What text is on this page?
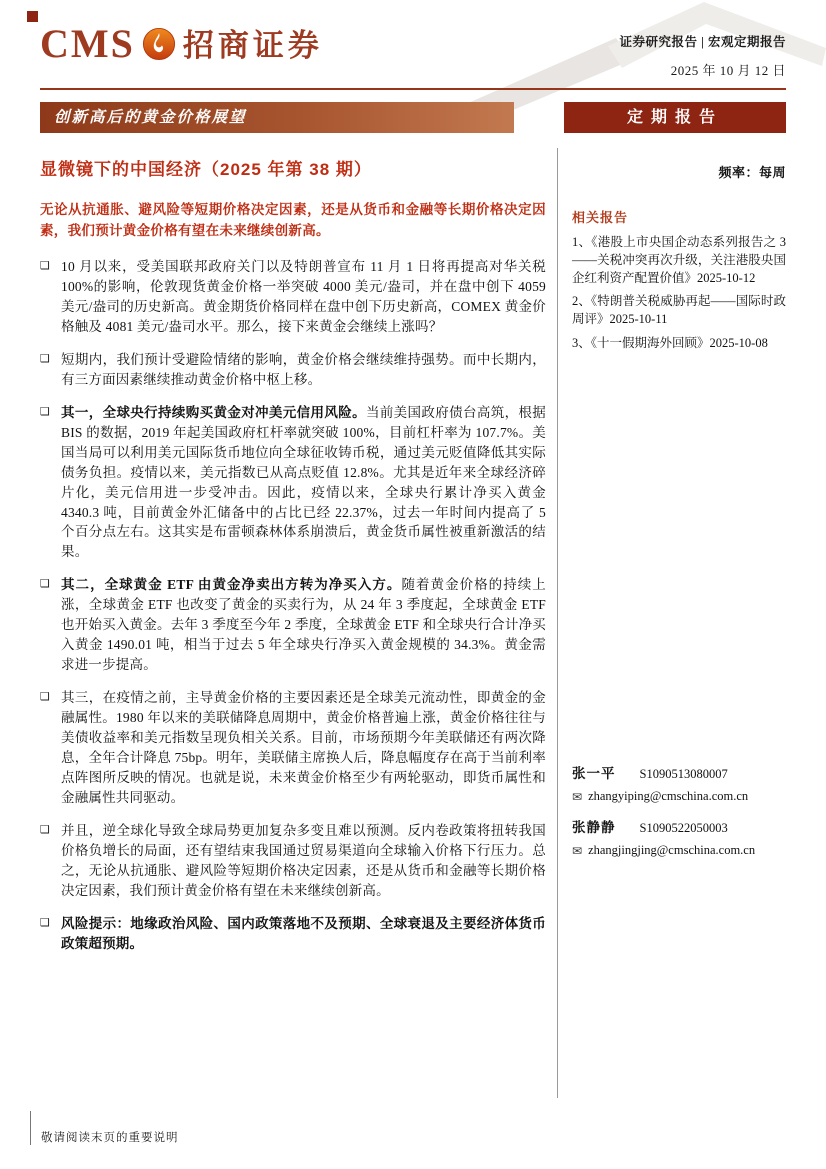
CMS 招商证券	证券研究报告 | 宏观定期报告
2025 年 10 月 12 日
创新高后的黄金价格展望	定期报告
显微镜下的中国经济（2025 年第 38 期）

无论从抗通胀、避风险等短期价格决定因素，还是从货币和金融等长期价格决定因素，我们预计黄金价格有望在未来继续创新高。

❑ 10 月以来，受美国联邦政府关门以及特朗普宣布 11 月 1 日将再提高对华关税 100%的影响，伦敦现货黄金价格一举突破 4000 美元/盎司，并在盘中创下 4059 美元/盎司的历史新高。黄金期货价格同样在盘中创下历史新高，COMEX 黄金价格触及 4081 美元/盎司水平。那么，接下来黄金会继续上涨吗？

❑ 短期内，我们预计受避险情绪的影响，黄金价格会继续维持强势。而中长期内，有三方面因素继续推动黄金价格中枢上移。

❑ 其一，全球央行持续购买黄金对冲美元信用风险。当前美国政府债台高筑，根据 BIS 的数据，2019 年起美国政府杠杆率就突破 100%，目前杠杆率为 107.7%。美国当局可以利用美元国际货币地位向全球征收铸币税，通过美元贬值降低其实际债务负担。疫情以来，美元指数已从高点贬值 12.8%。尤其是近年来全球经济碎片化，美元信用进一步受冲击。因此，疫情以来，全球央行累计净买入黄金 4340.3 吨，目前黄金外汇储备中的占比已经 22.37%，过去一年时间内提高了 5 个百分点左右。这其实是布雷顿森林体系崩溃后，黄金货币属性被重新激活的结果。

❑ 其二，全球黄金 ETF 由黄金净卖出方转为净买入方。随着黄金价格的持续上涨，全球黄金 ETF 也改变了黄金的买卖行为，从 24 年 3 季度起，全球黄金 ETF 也开始买入黄金。去年 3 季度至今年 2 季度，全球黄金 ETF 和全球央行合计净买入黄金 1490.01 吨，相当于过去 5 年全球央行净买入黄金规模的 34.3%。黄金需求进一步提高。

❑ 其三，在疫情之前，主导黄金价格的主要因素还是全球美元流动性，即黄金的金融属性。1980 年以来的美联储降息周期中，黄金价格普遍上涨，黄金价格往往与美债收益率和美元指数呈现负相关关系。目前，市场预期今年美联储还有两次降息，全年合计降息 75bp。明年，美联储主席换人后，降息幅度存在高于当前利率点阵图所反映的情况。也就是说，未来黄金价格至少有两轮驱动，即货币属性和金融属性共同驱动。

❑ 并且，逆全球化导致全球局势更加复杂多变且难以预测。反内卷政策将扭转我国价格负增长的局面，还有望结束我国通过贸易渠道向全球输入价格下行压力。总之，无论从抗通胀、避风险等短期价格决定因素，还是从货币和金融等长期价格决定因素，我们预计黄金价格有望在未来继续创新高。

❑ 风险提示：地缘政治风险、国内政策落地不及预期、全球衰退及主要经济体货币政策超预期。

频率：每周
相关报告
1、《港股上市央国企动态系列报告之 3——关税冲突再次升级，关注港股央国企红利资产配置价值》2025-10-12
2、《特朗普关税威胁再起——国际时政周评》2025-10-11
3、《十一假期海外回顾》2025-10-08
张一平 S1090513080007
✉ zhangyiping@cmschina.com.cn
张静静 S1090522050003
✉ zhangjingjing@cmschina.com.cn
敬请阅读末页的重要说明
